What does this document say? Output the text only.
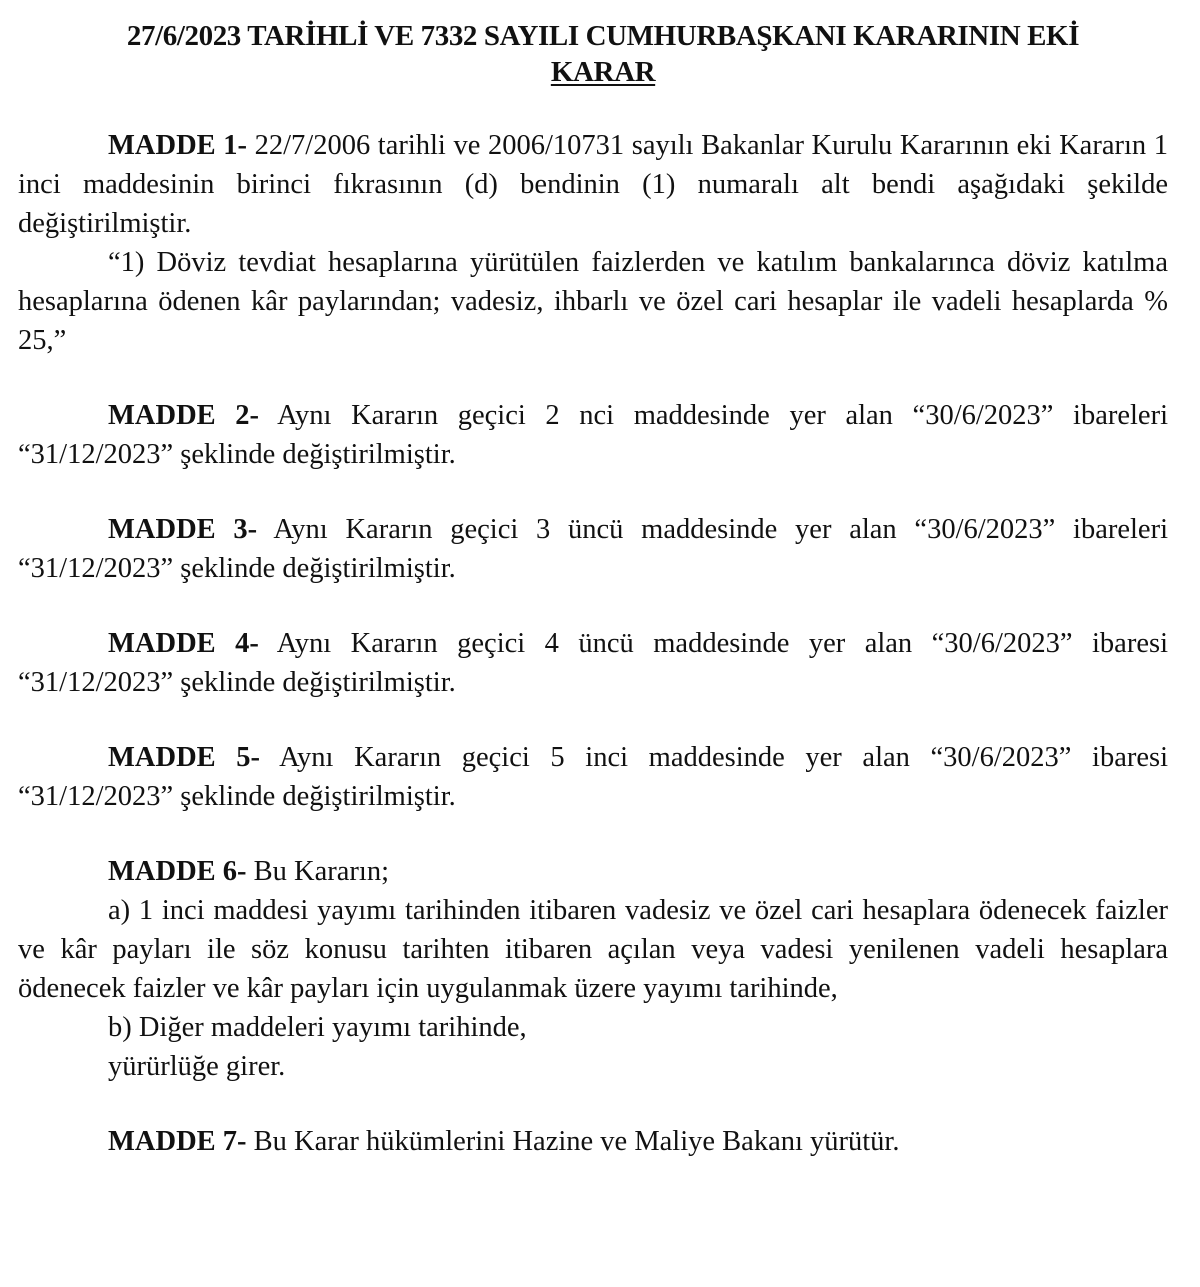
27/6/2023 TARİHLİ VE 7332 SAYILI CUMHURBAŞKANI KARARININ EKİ
KARAR

MADDE 1- 22/7/2006 tarihli ve 2006/10731 sayılı Bakanlar Kurulu Kararının eki Kararın 1 inci maddesinin birinci fıkrasının (d) bendinin (1) numaralı alt bendi aşağıdaki şekilde değiştirilmiştir.

“1) Döviz tevdiat hesaplarına yürütülen faizlerden ve katılım bankalarınca döviz katılma hesaplarına ödenen kâr paylarından; vadesiz, ihbarlı ve özel cari hesaplar ile vadeli hesaplarda % 25,”

MADDE 2- Aynı Kararın geçici 2 nci maddesinde yer alan “30/6/2023” ibareleri “31/12/2023” şeklinde değiştirilmiştir.

MADDE 3- Aynı Kararın geçici 3 üncü maddesinde yer alan “30/6/2023” ibareleri “31/12/2023” şeklinde değiştirilmiştir.

MADDE 4- Aynı Kararın geçici 4 üncü maddesinde yer alan “30/6/2023” ibaresi “31/12/2023” şeklinde değiştirilmiştir.

MADDE 5- Aynı Kararın geçici 5 inci maddesinde yer alan “30/6/2023” ibaresi “31/12/2023” şeklinde değiştirilmiştir.

MADDE 6- Bu Kararın;

a) 1 inci maddesi yayımı tarihinden itibaren vadesiz ve özel cari hesaplara ödenecek faizler ve kâr payları ile söz konusu tarihten itibaren açılan veya vadesi yenilenen vadeli hesaplara ödenecek faizler ve kâr payları için uygulanmak üzere yayımı tarihinde,

b) Diğer maddeleri yayımı tarihinde,

yürürlüğe girer.

MADDE 7- Bu Karar hükümlerini Hazine ve Maliye Bakanı yürütür.
